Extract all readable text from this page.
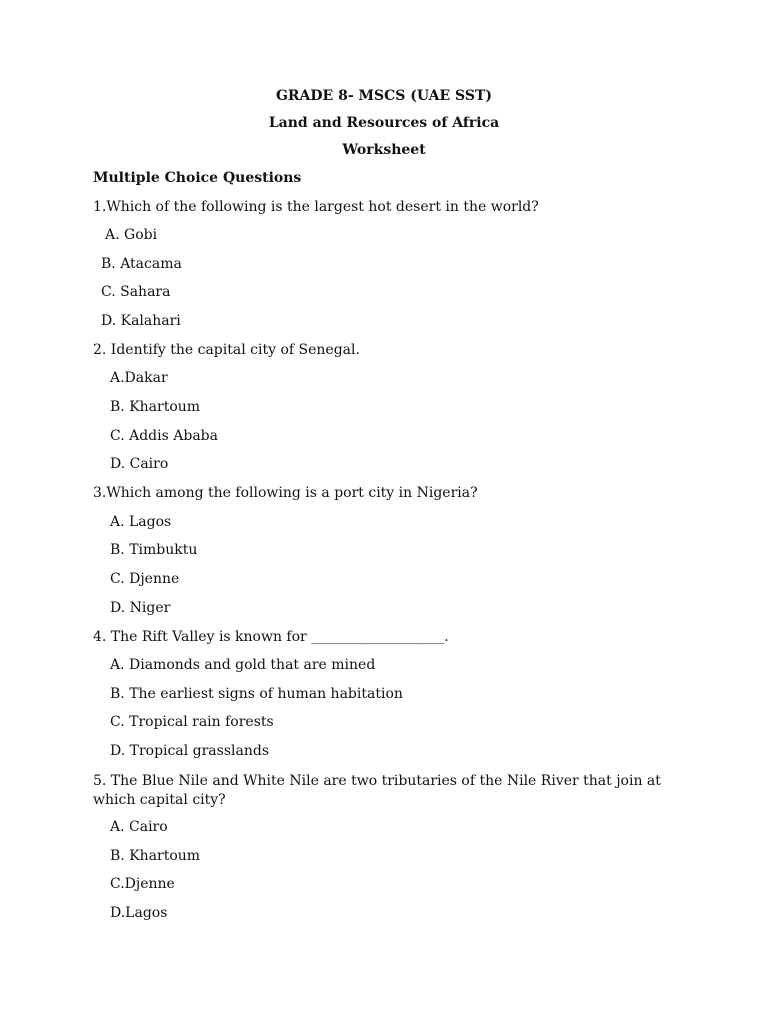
GRADE 8- MSCS (UAE SST)
Land and Resources of Africa
Worksheet
Multiple Choice Questions
1.Which of the following is the largest hot desert in the world?
A. Gobi
B. Atacama
C. Sahara
D. Kalahari
2. Identify the capital city of Senegal.
A.Dakar
B. Khartoum
C. Addis Ababa
D. Cairo
3.Which among the following is a port city in Nigeria?
A. Lagos
B. Timbuktu
C. Djenne
D. Niger
4. The Rift Valley is known for ___________________.
A. Diamonds and gold that are mined
B. The earliest signs of human habitation
C. Tropical rain forests
D. Tropical grasslands
5. The Blue Nile and White Nile are two tributaries of the Nile River that join at which capital city?
A. Cairo
B. Khartoum
C.Djenne
D.Lagos
